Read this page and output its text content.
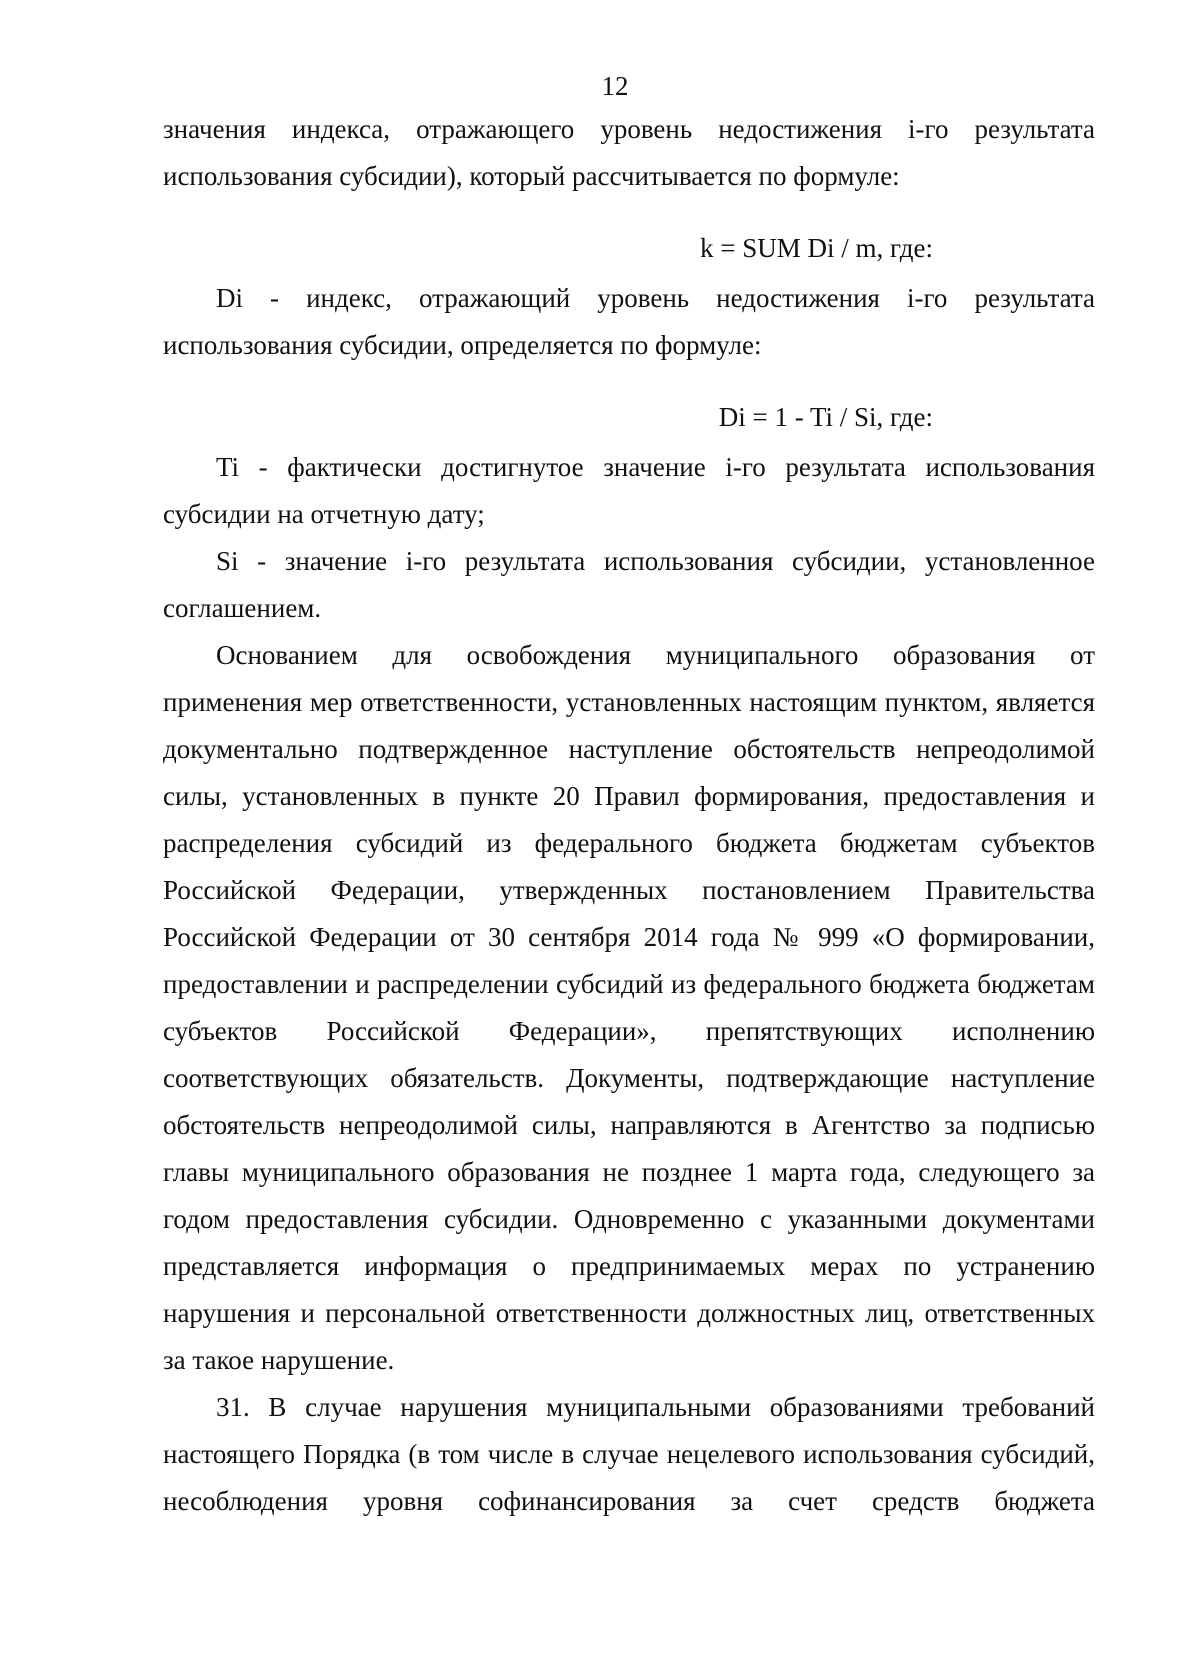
12

значения индекса, отражающего уровень недостижения i-го результата использования субсидии), который рассчитывается по формуле:

k = SUM Di / m, где:

Di - индекс, отражающий уровень недостижения i-го результата использования субсидии, определяется по формуле:

Di = 1 - Ti / Si, где:

Ti - фактически достигнутое значение i-го результата использования субсидии на отчетную дату;

Si - значение i-го результата использования субсидии, установленное соглашением.

Основанием для освобождения муниципального образования от применения мер ответственности, установленных настоящим пунктом, является документально подтвержденное наступление обстоятельств непреодолимой силы, установленных в пункте 20 Правил формирования, предоставления и распределения субсидий из федерального бюджета бюджетам субъектов Российской Федерации, утвержденных постановлением Правительства Российской Федерации от 30 сентября 2014 года № 999 «О формировании, предоставлении и распределении субсидий из федерального бюджета бюджетам субъектов Российской Федерации», препятствующих исполнению соответствующих обязательств. Документы, подтверждающие наступление обстоятельств непреодолимой силы, направляются в Агентство за подписью главы муниципального образования не позднее 1 марта года, следующего за годом предоставления субсидии. Одновременно с указанными документами представляется информация о предпринимаемых мерах по устранению нарушения и персональной ответственности должностных лиц, ответственных за такое нарушение.

31. В случае нарушения муниципальными образованиями требований настоящего Порядка (в том числе в случае нецелевого использования субсидий, несоблюдения уровня софинансирования за счет средств бюджета
